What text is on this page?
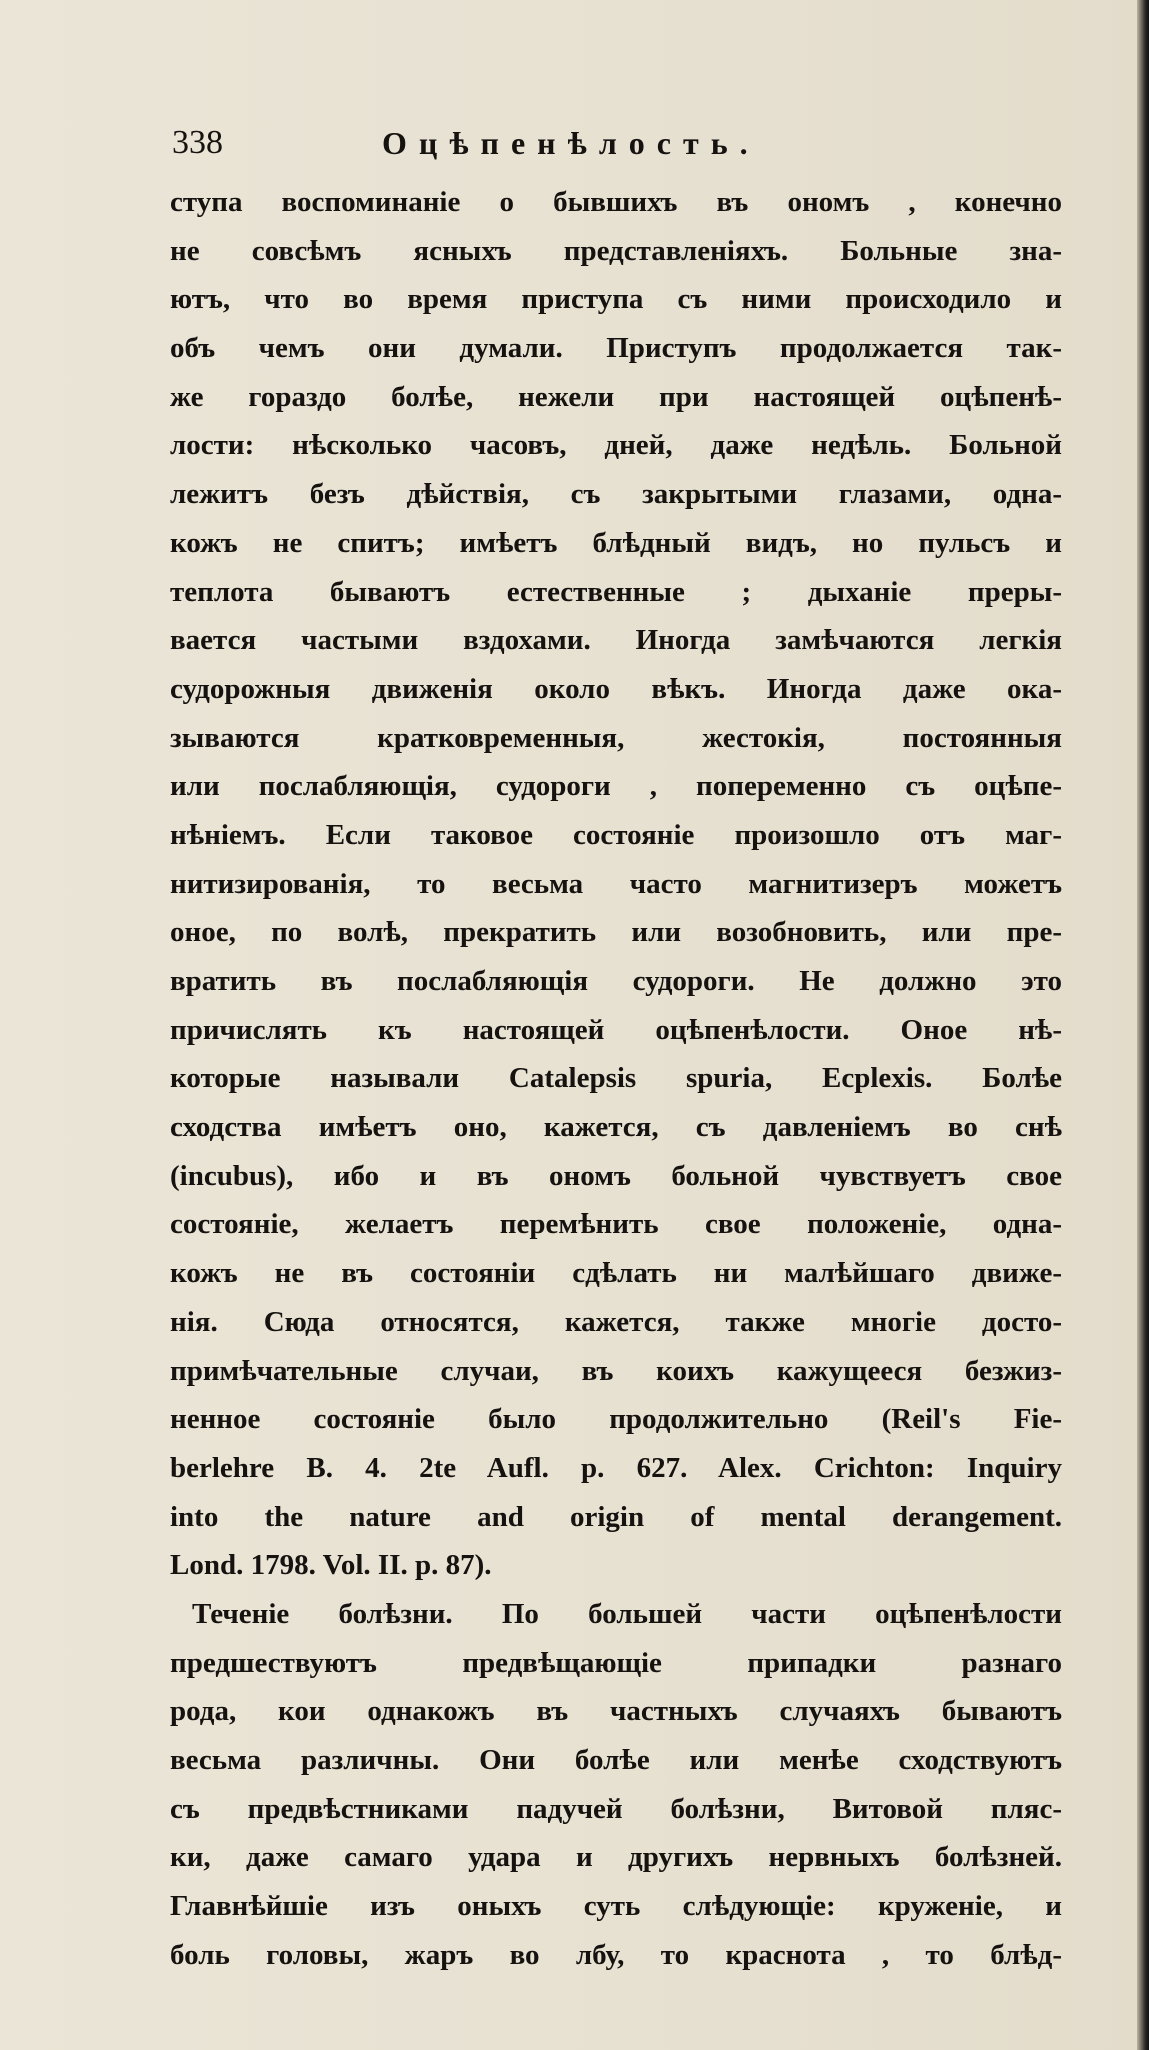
338	Оцѣпенѣлость.
ступа воспоминаніе о бывшихъ въ ономъ , конечно
не совсѣмъ ясныхъ представленіяхъ. Больные зна-
ютъ, что во время приступа съ ними происходило и
объ чемъ они думали. Приступъ продолжается так-
же гораздо болѣе, нежели при настоящей оцѣпенѣ-
лости: нѣсколько часовъ, дней, даже недѣль. Больной
лежитъ безъ дѣйствія, съ закрытыми глазами, одна-
кожъ не спитъ; имѣетъ блѣдный видъ, но пульсъ и
теплота бываютъ естественные ; дыханіе преры-
вается частыми вздохами. Иногда замѣчаются легкія
судорожныя движенія около вѣкъ. Иногда даже ока-
зываются кратковременныя, жестокія, постоянныя
или послабляющія, судороги , попеременно съ оцѣпе-
нѣніемъ. Если таковое состояніе произошло отъ маг-
нитизированія, то весьма часто магнитизеръ можетъ
оное, по волѣ, прекратить или возобновить, или пре-
вратить въ послабляющія судороги. Не должно это
причислять къ настоящей оцѣпенѣлости. Оное нѣ-
которые называли Catalepsis spuria, Ecplexis. Болѣе
сходства имѣетъ оно, кажется, съ давленіемъ во снѣ
(incubus), ибо и въ ономъ больной чувствуетъ свое
состояніе, желаетъ перемѣнить свое положеніе, одна-
кожъ не въ состояніи сдѣлать ни малѣйшаго движе-
нія. Сюда относятся, кажется, также многіе досто-
примѣчательные случаи, въ коихъ кажущееся безжиз-
ненное состояніе было продолжительно (Reil's Fie-
berlehre B. 4. 2te Aufl. p. 627. Alex. Crichton: Inquiry
into the nature and origin of mental derangement.
Lond. 1798. Vol. II. p. 87).
Теченіе болѣзни. По большей части оцѣпенѣлости
предшествуютъ предвѣщающіе припадки разнаго
рода, кои однакожъ въ частныхъ случаяхъ бываютъ
весьма различны. Они болѣе или менѣе сходствуютъ
съ предвѣстниками падучей болѣзни, Витовой пляс-
ки, даже самаго удара и другихъ нервныхъ болѣзней.
Главнѣйшіе изъ оныхъ суть слѣдующіе: круженіе, и
боль головы, жаръ во лбу, то краснота , то блѣд-
